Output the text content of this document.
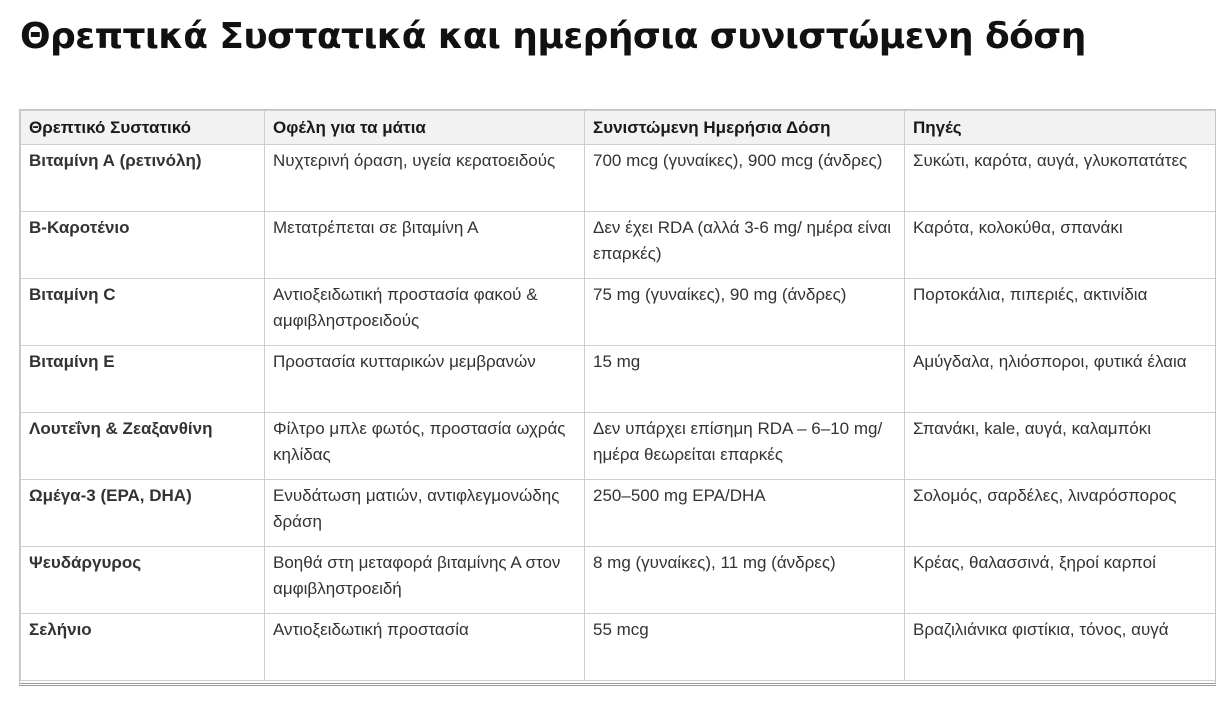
Θρεπτικά Συστατικά και ημερήσια συνιστώμενη δόση
Θρεπτικό Συστατικό	Οφέλη για τα μάτια	Συνιστώμενη Ημερήσια Δόση	Πηγές
Βιταμίνη Α (ρετινόλη)	Νυχτερινή όραση, υγεία κερατοειδούς	700 mcg (γυναίκες), 900 mcg (άνδρες)	Συκώτι, καρότα, αυγά, γλυκοπατάτες
Β-Καροτένιο	Μετατρέπεται σε βιταμίνη Α	Δεν έχει RDA (αλλά 3-6 mg/ ημέρα είναι επαρκές)	Καρότα, κολοκύθα, σπανάκι
Βιταμίνη C	Αντιοξειδωτική προστασία φακού & αμφιβληστροειδούς	75 mg (γυναίκες), 90 mg (άνδρες)	Πορτοκάλια, πιπεριές, ακτινίδια
Βιταμίνη Ε	Προστασία κυτταρικών μεμβρανών	15 mg	Αμύγδαλα, ηλιόσποροι, φυτικά έλαια
Λουτεΐνη & Ζεαξανθίνη	Φίλτρο μπλε φωτός, προστασία ωχράς κηλίδας	Δεν υπάρχει επίσημη RDA – 6–10 mg/ημέρα θεωρείται επαρκές	Σπανάκι, kale, αυγά, καλαμπόκι
Ωμέγα-3 (EPA, DHA)	Ενυδάτωση ματιών, αντιφλεγμονώδης δράση	250–500 mg EPA/DHA	Σολομός, σαρδέλες, λιναρόσπορος
Ψευδάργυρος	Βοηθά στη μεταφορά βιταμίνης Α στον αμφιβληστροειδή	8 mg (γυναίκες), 11 mg (άνδρες)	Κρέας, θαλασσινά, ξηροί καρποί
Σελήνιο	Αντιοξειδωτική προστασία	55 mcg	Βραζιλιάνικα φιστίκια, τόνος, αυγά
